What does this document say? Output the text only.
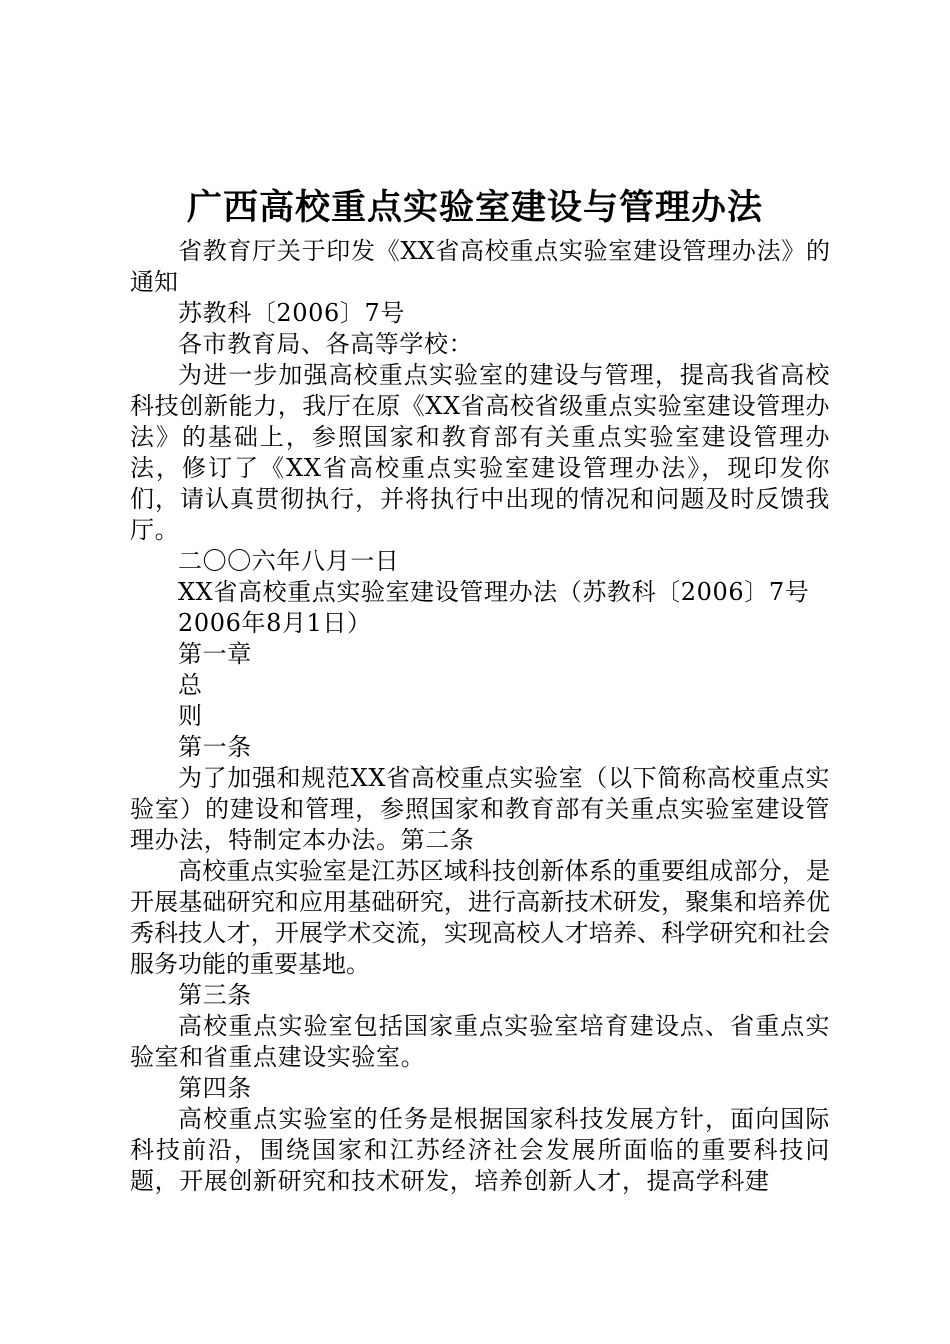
广西高校重点实验室建设与管理办法

省教育厅关于印发《XX省高校重点实验室建设管理办法》的通知

苏教科〔2006〕7号

各市教育局、各高等学校：

为进一步加强高校重点实验室的建设与管理，提高我省高校科技创新能力，我厅在原《XX省高校省级重点实验室建设管理办法》的基础上，参照国家和教育部有关重点实验室建设管理办法，修订了《XX省高校重点实验室建设管理办法》，现印发你们，请认真贯彻执行，并将执行中出现的情况和问题及时反馈我厅。

二〇〇六年八月一日

XX省高校重点实验室建设管理办法（苏教科〔2006〕7号

2006年8月1日）

第一章

总

则

第一条

为了加强和规范XX省高校重点实验室（以下简称高校重点实验室）的建设和管理，参照国家和教育部有关重点实验室建设管理办法，特制定本办法。第二条

高校重点实验室是江苏区域科技创新体系的重要组成部分，是开展基础研究和应用基础研究，进行高新技术研发，聚集和培养优秀科技人才，开展学术交流，实现高校人才培养、科学研究和社会服务功能的重要基地。

第三条

高校重点实验室包括国家重点实验室培育建设点、省重点实验室和省重点建设实验室。

第四条

高校重点实验室的任务是根据国家科技发展方针，面向国际科技前沿，围绕国家和江苏经济社会发展所面临的重要科技问题，开展创新研究和技术研发，培养创新人才，提高学科建
